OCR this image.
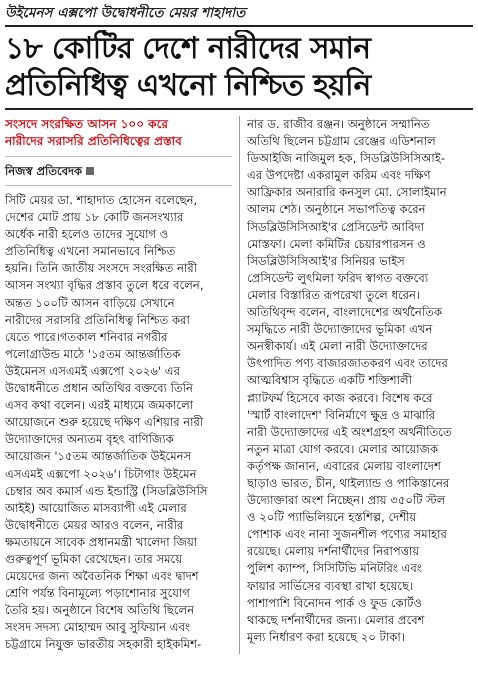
উইমেনস এক্সপো উদ্বোধনীতে মেয়র শাহাদাত
১৮ কোটির দেশে নারীদের সমান
প্রতিনিধিত্ব এখনো নিশ্চিত হয়নি
সংসদে সংরক্ষিত আসন ১০০ করে
নারীদের সরাসরি প্রতিনিধিত্বের প্রস্তাব
নিজস্ব প্রতিবেদক
সিটি মেয়র ডা. শাহাদাত হোসেন বলেছেন,
দেশের মোট প্রায় ১৮ কোটি জনসংখ্যার
অর্ধেক নারী হলেও তাদের সুযোগ ও
প্রতিনিধিত্ব এখনো সমানভাবে নিশ্চিত
হয়নি। তিনি জাতীয় সংসদে সংরক্ষিত নারী
আসন সংখ্যা বৃদ্ধির প্রস্তাব তুলে ধরে বলেন,
অন্তত ১০০টি আসন বাড়িয়ে সেখানে
নারীদের সরাসরি প্রতিনিধিত্ব নিশ্চিত করা
যেতে পারে।গতকাল শনিবার নগরীর
পলোগ্রাউন্ড মাঠে '১৫তম আন্তর্জাতিক
উইমেনস এসএমই এক্সপো ২০২৬' এর
উদ্বোধনীতে প্রধান অতিথির বক্তব্যে তিনি
এসব কথা বলেন। এরই মাধ্যমে জমকালো
আয়োজনে শুরু হয়েছে দক্ষিণ এশিয়ার নারী
উদ্যোক্তাদের অন্যতম বৃহৎ বাণিজ্যিক
আয়োজন '১৫তম আন্তর্জাতিক উইমেনস
এসএমই এক্সপো ২০২৬'। চিটাগাং উইমেন
চেম্বার অব কমার্স এন্ড ইন্ডাস্ট্রি (সিডব্লিউসিসি
আইই) আয়োজিত মাসব্যাপী এই মেলার
উদ্বোধনীতে মেয়র আরও বলেন, নারীর
ক্ষমতায়নে সাবেক প্রধানমন্ত্রী খালেদা জিয়া
গুরুত্বপূর্ণ ভূমিকা রেখেছেন। তার সময়ে
মেয়েদের জন্য অবৈতনিক শিক্ষা এবং দ্বাদশ
শ্রেণি পর্যন্ত বিনামূল্যে পড়াশোনার সুযোগ
তৈরি হয়। অনুষ্ঠানে বিশেষ অতিথি ছিলেন
সংসদ সদস্য মোহাম্মদ আবু সুফিয়ান এবং
চট্টগ্রামে নিযুক্ত ভারতীয় সহকারী হাইকমিশ-
নার ড. রাজীব রঞ্জন। অনুষ্ঠানে সম্মানিত
অতিথি ছিলেন চট্টগ্রাম রেঞ্জের এডিশনাল
ডিআইজি নাজিমুল হক, সিডব্লিউসিসিআই-
এর উপদেষ্টা একরামুল করিম এবং দক্ষিণ
আফ্রিকার অনারারি কনসুল মো. সোলাইমান
আলম শেঠ। অনুষ্ঠানে সভাপতিত্ব করেন
সিডব্লিউসিসিআই'র প্রেসিডেন্ট আবিদা
মোস্তফা। মেলা কমিটির চেয়ারপারসন ও
সিডব্লিউসিসিআই'র সিনিয়র ভাইস
প্রেসিডেন্ট লুৎমিলা ফরিদ স্বাগত বক্তব্যে
মেলার বিস্তারিত রূপরেখা তুলে ধরেন।
অতিথিবৃন্দ বলেন, বাংলাদেশের অর্থনৈতিক
সমৃদ্ধিতে নারী উদ্যোক্তাদের ভূমিকা এখন
অনস্বীকার্য। এই মেলা নারী উদ্যোক্তাদের
উৎপাদিত পণ্য বাজারজাতকরণ এবং তাদের
আত্মবিশ্বাস বৃদ্ধিতে একটি শক্তিশালী
প্ল্যাটফর্ম হিসেবে কাজ করবে। বিশেষ করে
'স্মার্ট বাংলাদেশ' বিনির্মাণে ক্ষুদ্র ও মাঝারি
নারী উদ্যোক্তাদের এই অংশগ্রহণ অর্থনীতিতে
নতুন মাত্রা যোগ করবে। মেলার আয়োজক
কর্তৃপক্ষ জানান, এবারের মেলায় বাংলাদেশ
ছাড়াও ভারত, চীন, থাইল্যান্ড ও পাকিস্তানের
উদ্যোক্তারা অংশ নিচ্ছেন। প্রায় ৩৫০টি স্টল
ও ২০টি প্যাভিলিয়নে হস্তশিল্প, দেশীয়
পোশাক এবং নানা সুজনশীল পণ্যের সমাহার
রয়েছে। মেলায় দর্শনার্থীদের নিরাপত্তায়
পুলিশ ক্যাম্প, সিসিটিভি মনিটরিং এবং
ফায়ার সার্ভিসের ব্যবস্থা রাখা হয়েছে।
পাশাপাশি বিনোদন পার্ক ও ফুড কোর্টও
থাকছে দর্শনার্থীদের জন্য। মেলার প্রবেশ
মূল্য নির্ধারণ করা হয়েছে ২০ টাকা।
